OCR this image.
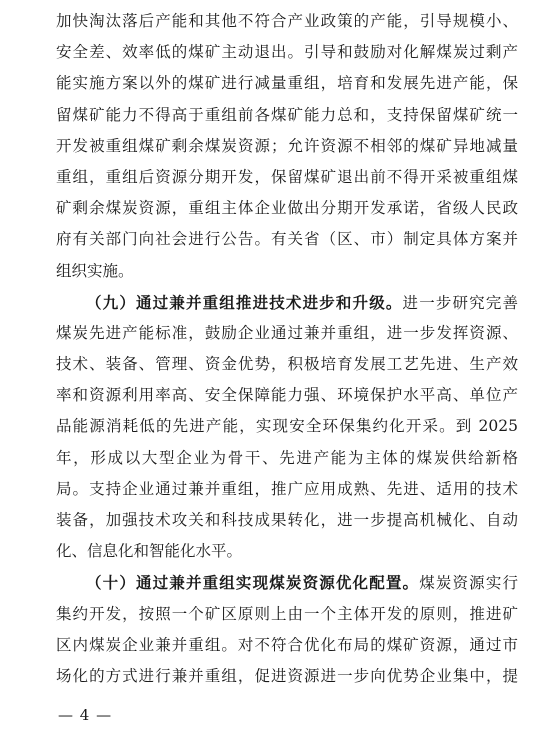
加快淘汰落后产能和其他不符合产业政策的产能，引导规模小、
安全差、效率低的煤矿主动退出。引导和鼓励对化解煤炭过剩产
能实施方案以外的煤矿进行减量重组，培育和发展先进产能，保
留煤矿能力不得高于重组前各煤矿能力总和，支持保留煤矿统一
开发被重组煤矿剩余煤炭资源；允许资源不相邻的煤矿异地减量
重组，重组后资源分期开发，保留煤矿退出前不得开采被重组煤
矿剩余煤炭资源，重组主体企业做出分期开发承诺，省级人民政
府有关部门向社会进行公告。有关省（区、市）制定具体方案并
组织实施。
（九）通过兼并重组推进技术进步和升级。进一步研究完善
煤炭先进产能标准，鼓励企业通过兼并重组，进一步发挥资源、
技术、装备、管理、资金优势，积极培育发展工艺先进、生产效
率和资源利用率高、安全保障能力强、环境保护水平高、单位产
品能源消耗低的先进产能，实现安全环保集约化开采。到 2025
年，形成以大型企业为骨干、先进产能为主体的煤炭供给新格
局。支持企业通过兼并重组，推广应用成熟、先进、适用的技术
装备，加强技术攻关和科技成果转化，进一步提高机械化、自动
化、信息化和智能化水平。
（十）通过兼并重组实现煤炭资源优化配置。煤炭资源实行
集约开发，按照一个矿区原则上由一个主体开发的原则，推进矿
区内煤炭企业兼并重组。对不符合优化布局的煤矿资源，通过市
场化的方式进行兼并重组，促进资源进一步向优势企业集中，提
— 4 —
